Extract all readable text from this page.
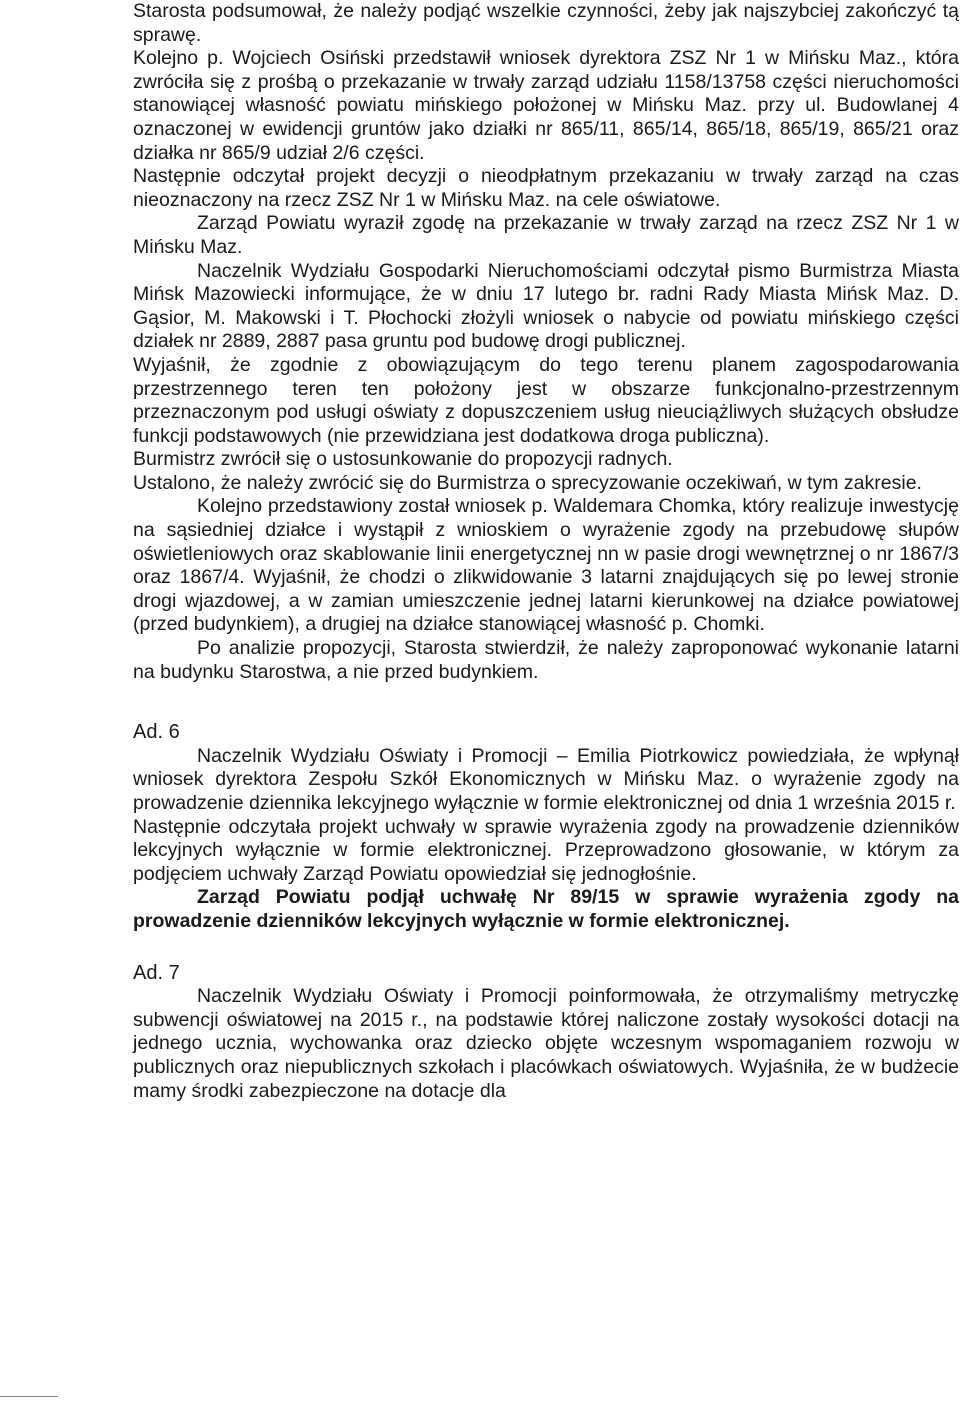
Starosta podsumował, że należy podjąć wszelkie czynności, żeby jak najszybciej zakończyć tą sprawę.

Kolejno p. Wojciech Osiński przedstawił wniosek dyrektora ZSZ Nr 1 w Mińsku Maz., która zwróciła się z prośbą o przekazanie w trwały zarząd udziału 1158/13758 części nieruchomości stanowiącej własność powiatu mińskiego położonej w Mińsku Maz. przy ul. Budowlanej 4 oznaczonej w ewidencji gruntów jako działki nr 865/11, 865/14, 865/18, 865/19, 865/21 oraz działka nr 865/9 udział 2/6 części.

Następnie odczytał projekt decyzji o nieodpłatnym przekazaniu w trwały zarząd na czas nieoznaczony na rzecz ZSZ Nr 1 w Mińsku Maz. na cele oświatowe.

Zarząd Powiatu wyraził zgodę na przekazanie w trwały zarząd na rzecz ZSZ Nr 1 w Mińsku Maz.

Naczelnik Wydziału Gospodarki Nieruchomościami odczytał pismo Burmistrza Miasta Mińsk Mazowiecki informujące, że w dniu 17 lutego br. radni Rady Miasta Mińsk Maz. D. Gąsior, M. Makowski i T. Płochocki złożyli wniosek o nabycie od powiatu mińskiego części działek nr 2889, 2887 pasa gruntu pod budowę drogi publicznej.

Wyjaśnił, że zgodnie z obowiązującym do tego terenu planem zagospodarowania przestrzennego teren ten położony jest w obszarze funkcjonalno-przestrzennym przeznaczonym pod usługi oświaty z dopuszczeniem usług nieuciążliwych służących obsłudze funkcji podstawowych (nie przewidziana jest dodatkowa droga publiczna).

Burmistrz zwrócił się o ustosunkowanie do propozycji radnych.

Ustalono, że należy zwrócić się do Burmistrza o sprecyzowanie oczekiwań, w tym zakresie.

Kolejno przedstawiony został wniosek p. Waldemara Chomka, który realizuje inwestycję na sąsiedniej działce i wystąpił z wnioskiem o wyrażenie zgody na przebudowę słupów oświetleniowych oraz skablowanie linii energetycznej nn w pasie drogi wewnętrznej o nr 1867/3 oraz 1867/4. Wyjaśnił, że chodzi o zlikwidowanie 3 latarni znajdujących się po lewej stronie drogi wjazdowej, a w zamian umieszczenie jednej latarni kierunkowej na działce powiatowej (przed budynkiem), a drugiej na działce stanowiącej własność p. Chomki.

Po analizie propozycji, Starosta stwierdził, że należy zaproponować wykonanie latarni na budynku Starostwa, a nie przed budynkiem.

Ad. 6

Naczelnik Wydziału Oświaty i Promocji – Emilia Piotrkowicz powiedziała, że wpłynął wniosek dyrektora Zespołu Szkół Ekonomicznych w Mińsku Maz. o wyrażenie zgody na prowadzenie dziennika lekcyjnego wyłącznie w formie elektronicznej od dnia 1 września 2015 r.

Następnie odczytała projekt uchwały w sprawie wyrażenia zgody na prowadzenie dzienników lekcyjnych wyłącznie w formie elektronicznej. Przeprowadzono głosowanie, w którym za podjęciem uchwały Zarząd Powiatu opowiedział się jednogłośnie.

Zarząd Powiatu podjął uchwałę Nr 89/15 w sprawie wyrażenia zgody na prowadzenie dzienników lekcyjnych wyłącznie w formie elektronicznej.

Ad. 7

Naczelnik Wydziału Oświaty i Promocji poinformowała, że otrzymaliśmy metryczkę subwencji oświatowej na 2015 r., na podstawie której naliczone zostały wysokości dotacji na jednego ucznia, wychowanka oraz dziecko objęte wczesnym wspomaganiem rozwoju w publicznych oraz niepublicznych szkołach i placówkach oświatowych. Wyjaśniła, że w budżecie mamy środki zabezpieczone na dotacje dla
